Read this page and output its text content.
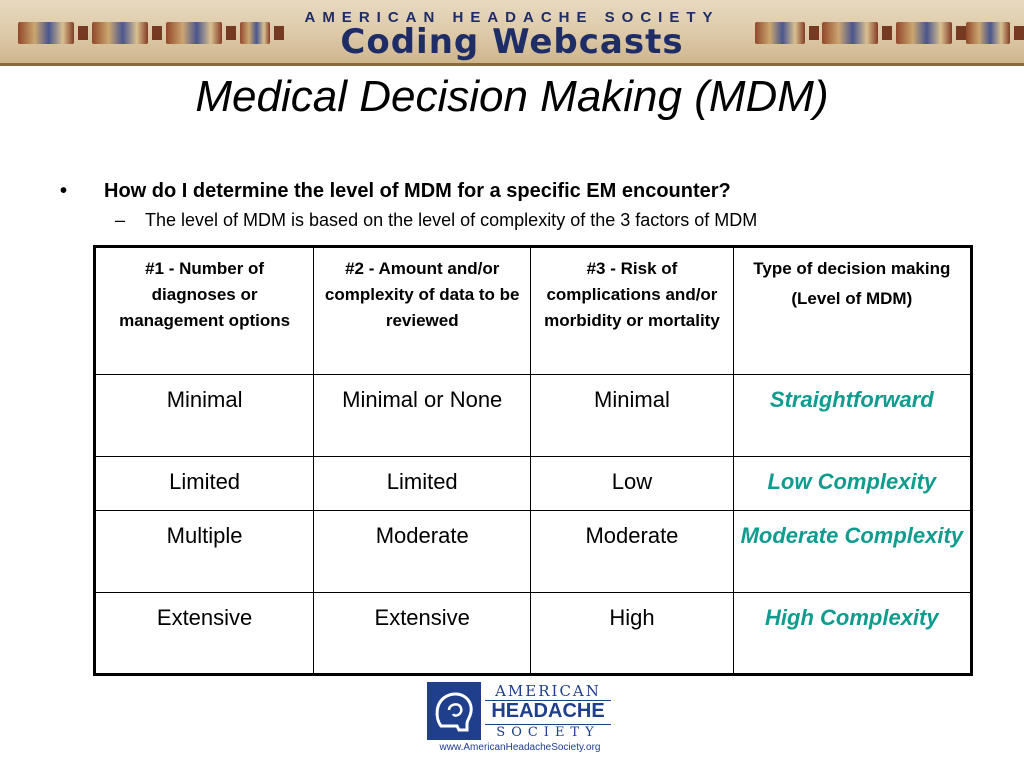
AMERICAN HEADACHE SOCIETY
Coding Webcasts
Medical Decision Making (MDM)
• How do I determine the level of MDM for a specific EM encounter?
– The level of MDM is based on the level of complexity of the 3 factors of MDM
#1 - Number of diagnoses or management options	#2 - Amount and/or complexity of data to be reviewed	#3 - Risk of complications and/or morbidity or mortality	Type of decision making
(Level of MDM)

Minimal	Minimal or None	Minimal	Straightforward
Limited	Limited	Low	Low Complexity
Multiple	Moderate	Moderate	Moderate Complexity
Extensive	Extensive	High	High Complexity
AMERICAN
HEADACHE
SOCIETY
www.AmericanHeadacheSociety.org
